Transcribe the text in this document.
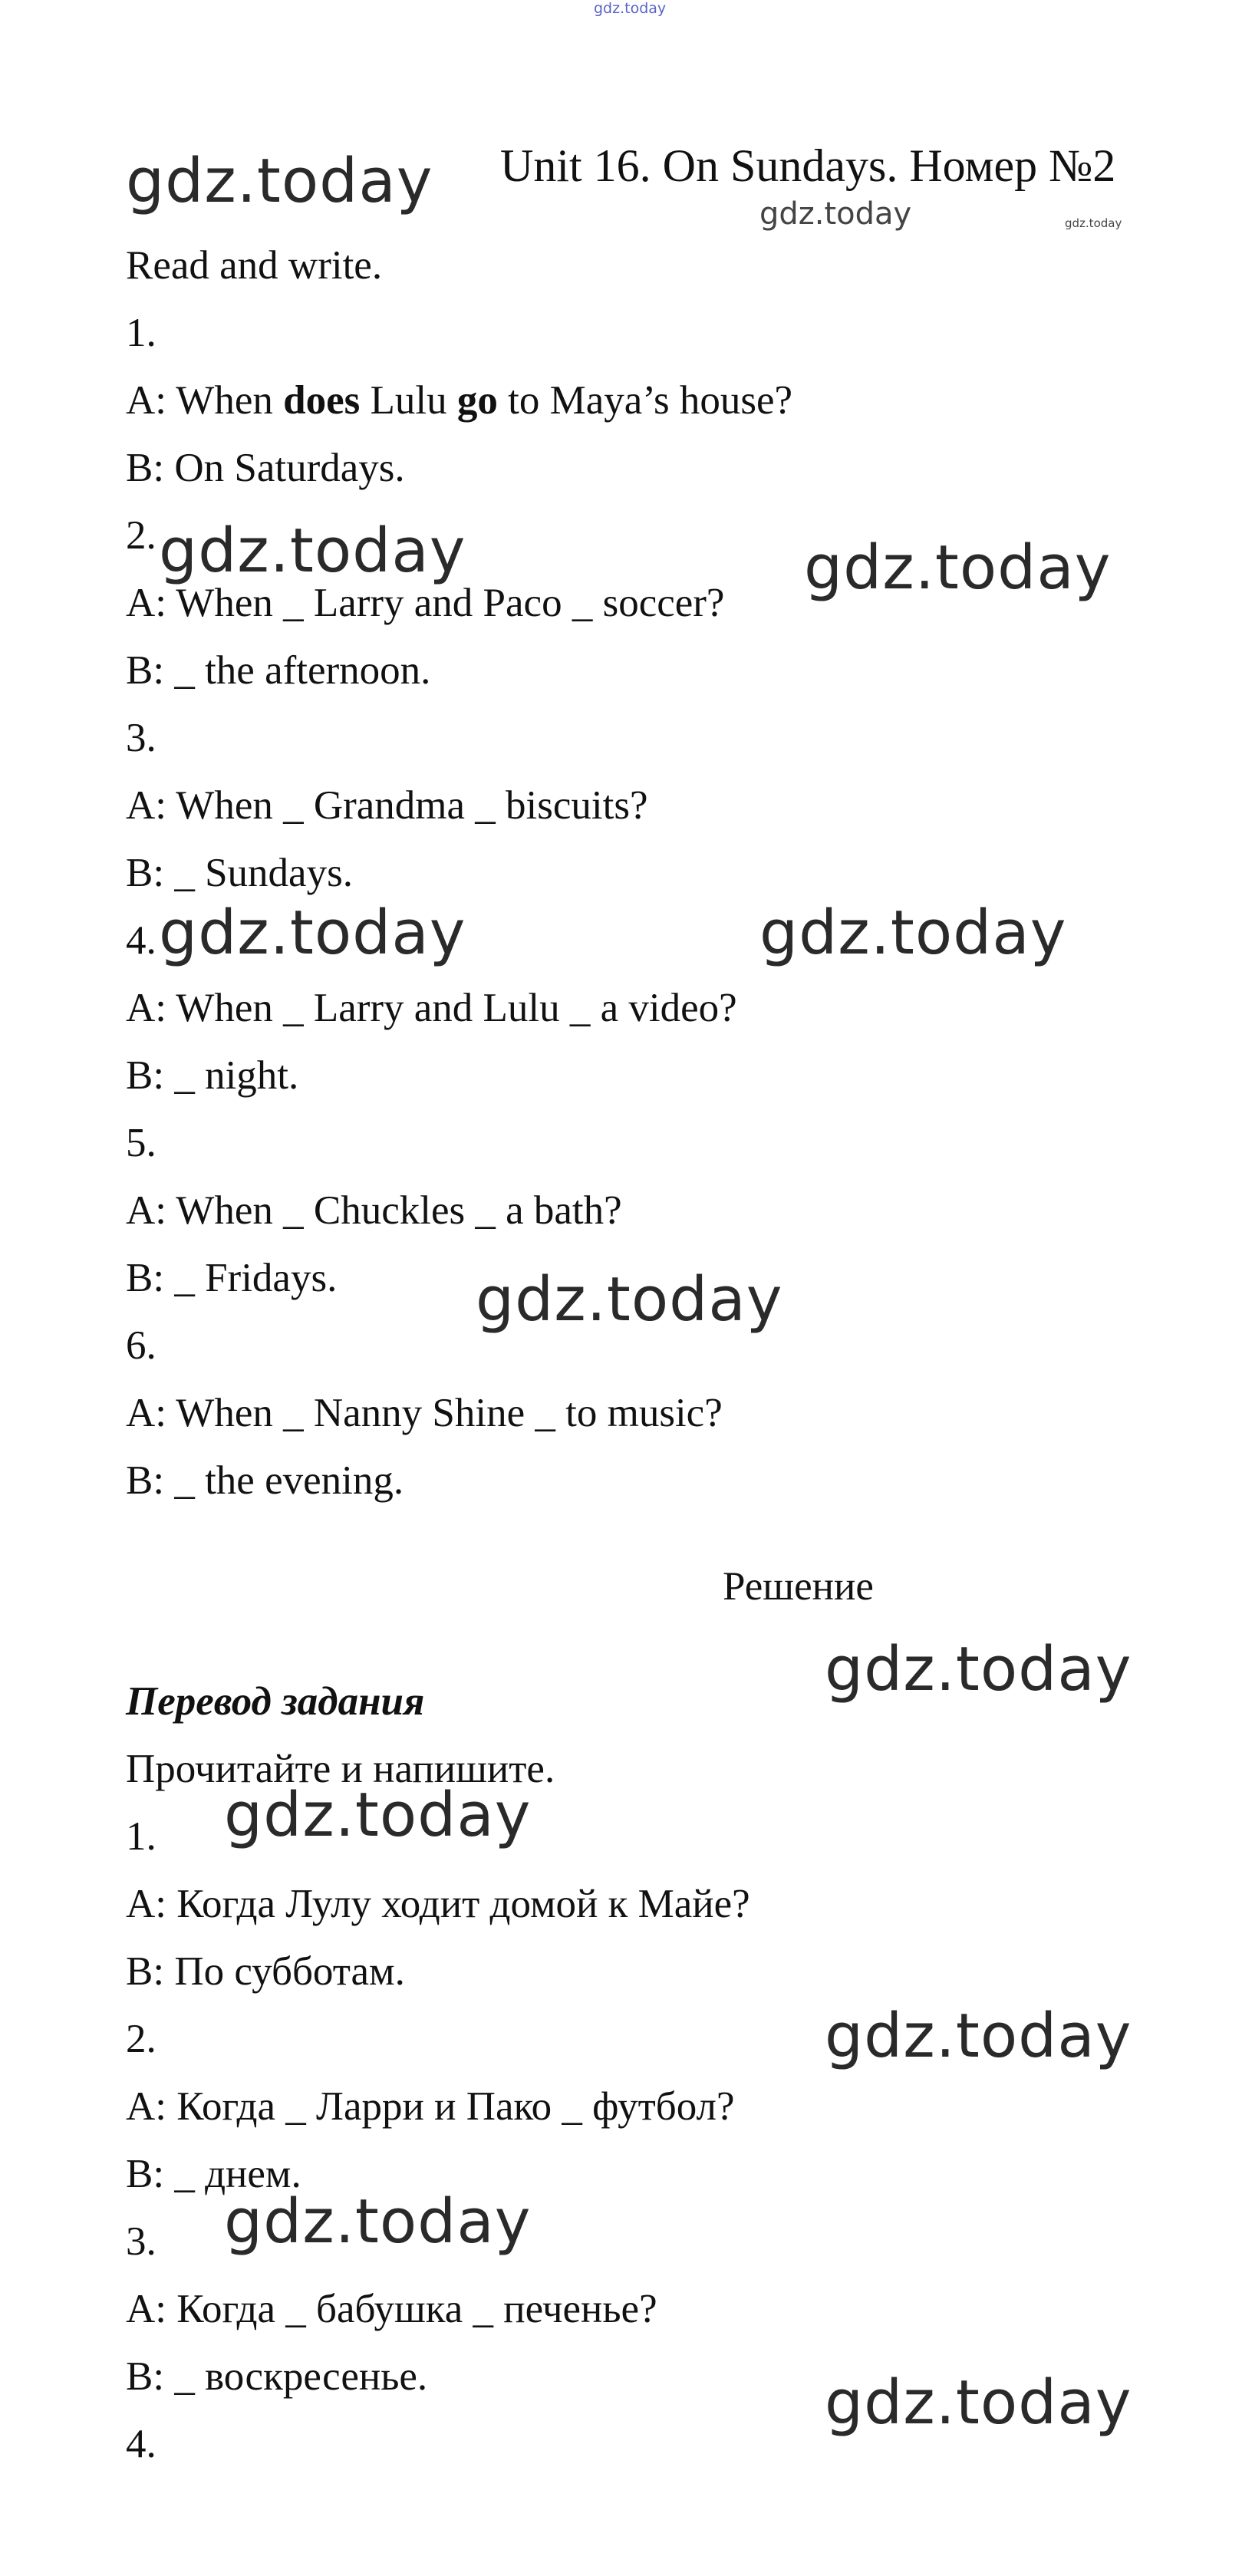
gdz.today
Unit 16. On Sundays. Номер №2
gdz.today	gdz.today	gdz.today
gdz.today	gdz.today
gdz.today	gdz.today
gdz.today
gdz.today
gdz.today
gdz.today
gdz.today
gdz.today
Read and write.
1.
A: When does Lulu go to Maya’s house?
B: On Saturdays.
2.
A: When _ Larry and Paco _ soccer?
B: _ the afternoon.
3.
A: When _ Grandma _ biscuits?
B: _ Sundays.
4.
A: When _ Larry and Lulu _ a video?
B: _ night.
5.
A: When _ Chuckles _ a bath?
B: _ Fridays.
6.
A: When _ Nanny Shine _ to music?
B: _ the evening.
Решение
Перевод задания
Прочитайте и напишите.
1.
A: Когда Лулу ходит домой к Майе?
B: По субботам.
2.
A: Когда _ Ларри и Пако _ футбол?
B: _ днем.
3.
A: Когда _ бабушка _ печенье?
B: _ воскресенье.
4.
